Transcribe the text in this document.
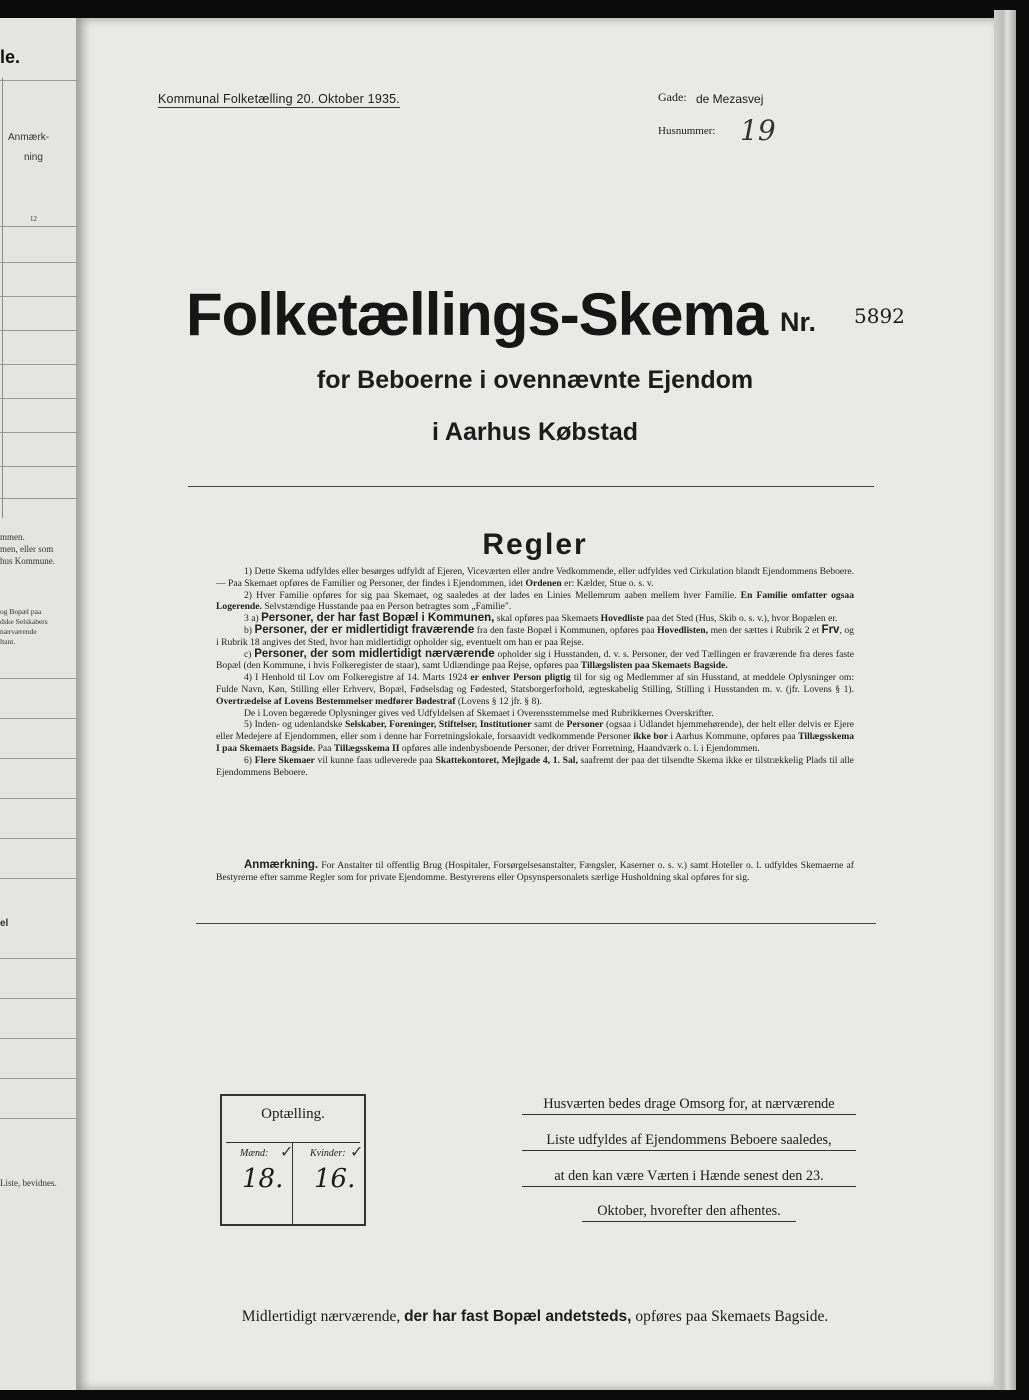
le.
Anmærk-
ning
12
mmen.
men, eller som
hus Kommune.
og Bopæl paa
dske Selskabers
nærværende
ltant.
el
Liste, bevidnes.
Kommunal Folketælling 20. Oktober 1935.	Gade: de Mezasvej
Husnummer: 19
Folketællings-Skema Nr. 5892
for Beboerne i ovennævnte Ejendom
i Aarhus Købstad
Regler

1) Dette Skema udfyldes eller besørges udfyldt af Ejeren, Viceværten eller andre Vedkommende, eller udfyldes ved Cirkulation blandt Ejendommens Beboere. — Paa Skemaet opføres de Familier og Personer, der findes i Ejendommen, idet Ordenen er: Kælder, Stue o. s. v.

2) Hver Familie opføres for sig paa Skemaet, og saaledes at der lades en Linies Mellemrum aaben mellem hver Familie. En Familie omfatter ogsaa Logerende. Selvstændige Husstande paa en Person betragtes som „Familie".

3 a) Personer, der har fast Bopæl i Kommunen, skal opføres paa Skemaets Hovedliste paa det Sted (Hus, Skib o. s. v.), hvor Bopælen er.

b) Personer, der er midlertidigt fraværende fra den faste Bopæl i Kommunen, opføres paa Hovedlisten, men der sættes i Rubrik 2 et Frv, og i Rubrik 18 angives det Sted, hvor han midlertidigt opholder sig, eventuelt om han er paa Rejse.

c) Personer, der som midlertidigt nærværende opholder sig i Husstanden, d. v. s. Personer, der ved Tællingen er fraværende fra deres faste Bopæl (den Kommune, i hvis Folkeregister de staar), samt Udlændinge paa Rejse, opføres paa Tillægslisten paa Skemaets Bagside.

4) I Henhold til Lov om Folkeregistre af 14. Marts 1924 er enhver Person pligtig til for sig og Medlemmer af sin Husstand, at meddele Oplysninger om: Fulde Navn, Køn, Stilling eller Erhverv, Bopæl, Fødselsdag og Fødested, Statsborgerforhold, ægteskabelig Stilling, Stilling i Husstanden m. v. (jfr. Lovens § 1). Overtrædelse af Lovens Bestemmelser medfører Bødestraf (Lovens § 12 jfr. § 8).

De i Loven begærede Oplysninger gives ved Udfyldelsen af Skemaet i Overensstemmelse med Rubrikkernes Overskrifter.

5) Inden- og udenlandske Selskaber, Foreninger, Stiftelser, Institutioner samt de Personer (ogsaa i Udlandet hjemmehørende), der helt eller delvis er Ejere eller Medejere af Ejendommen, eller som i denne har Forretningslokale, forsaavidt vedkommende Personer ikke bor i Aarhus Kommune, opføres paa Tillægsskema I paa Skemaets Bagside. Paa Tillægsskema II opføres alle indenbysboende Personer, der driver Forretning, Haandværk o. l. i Ejendommen.

6) Flere Skemaer vil kunne faas udleverede paa Skattekontoret, Mejlgade 4, 1. Sal, saafremt der paa det tilsendte Skema ikke er tilstrækkelig Plads til alle Ejendommens Beboere.

Anmærkning. For Anstalter til offentlig Brug (Hospitaler, Forsørgelsesanstalter, Fængsler, Kaserner o. s. v.) samt Hoteller o. l. udfyldes Skemaerne af Bestyrerne efter samme Regler som for private Ejendomme. Bestyrerens eller Opsynspersonalets særlige Husholdning skal opføres for sig.

Optælling.
Mænd: ✓ Kvinder: ✓
18. 16.
Husværten bedes drage Omsorg for, at nærværende
Liste udfyldes af Ejendommens Beboere saaledes,
at den kan være Værten i Hænde senest den 23.
Oktober, hvorefter den afhentes.
Midlertidigt nærværende, der har fast Bopæl andetsteds, opføres paa Skemaets Bagside.
